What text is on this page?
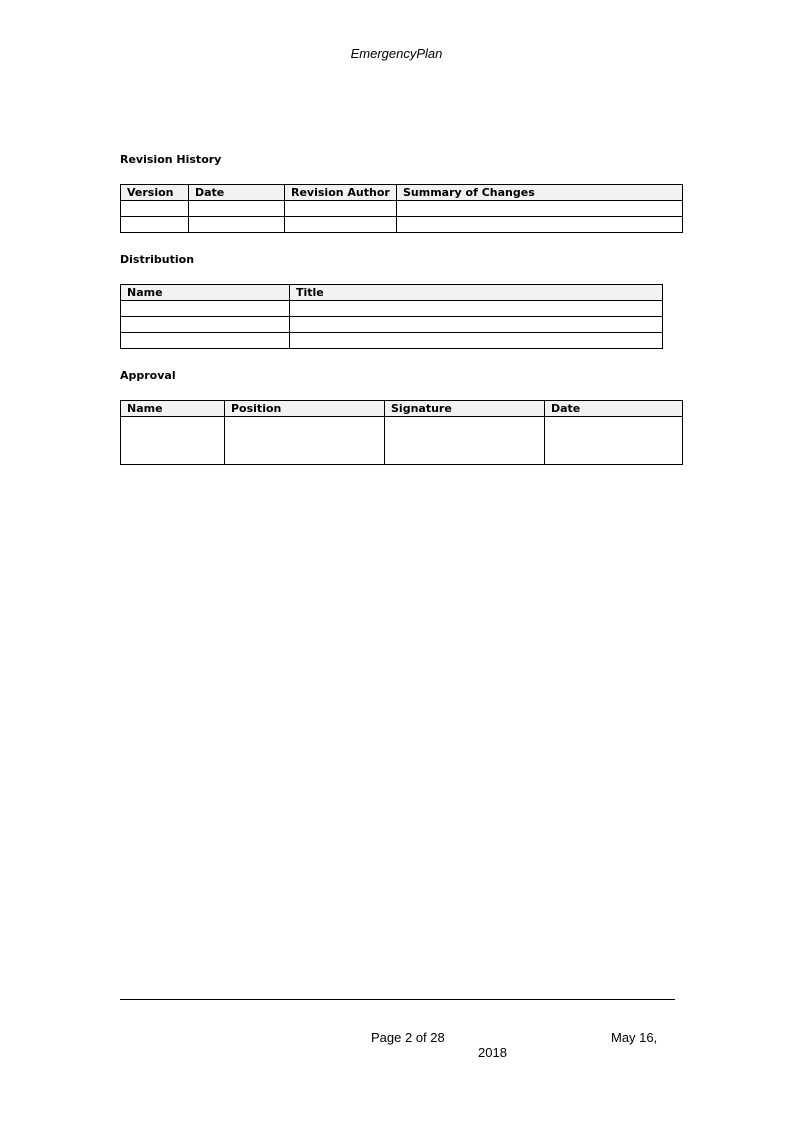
EmergencyPlan
Revision History
Version	Date	Revision Author	Summary of Changes

Distribution
Name	Title

Approval
Name	Position	Signature	Date

Page 2 of 28	May 16,
2018
